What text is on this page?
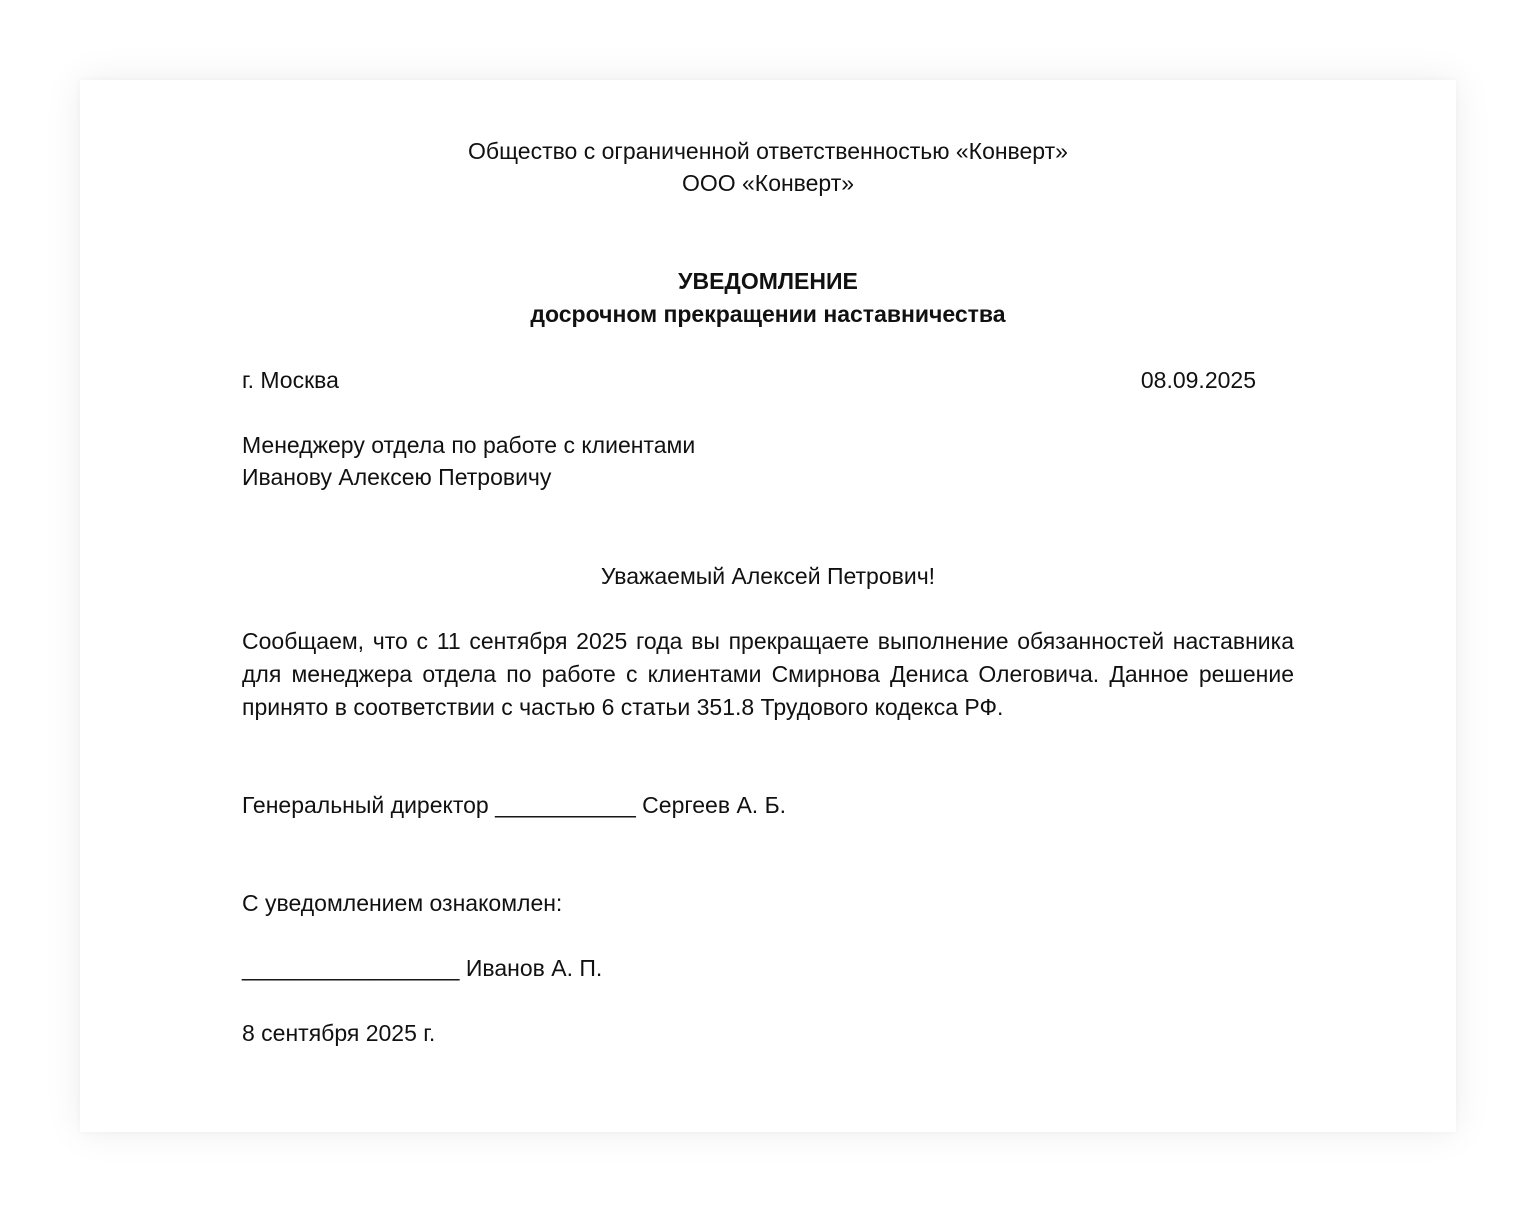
Общество с ограниченной ответственностью «Конверт»
ООО «Конверт»
УВЕДОМЛЕНИЕ
досрочном прекращении наставничества
г. Москва	08.09.2025
Менеджеру отдела по работе с клиентами
Иванову Алексею Петровичу
Уважаемый Алексей Петрович!
Сообщаем, что с 11 сентября 2025 года вы прекращаете выполнение обязанностей наставника для менеджера отдела по работе с клиентами Смирнова Дениса Олеговича. Данное решение принято в соответствии с частью 6 статьи 351.8 Трудового кодекса РФ.
Генеральный директор ___________ Сергеев А. Б.
С уведомлением ознакомлен:
_________________ Иванов А. П.
8 сентября 2025 г.
